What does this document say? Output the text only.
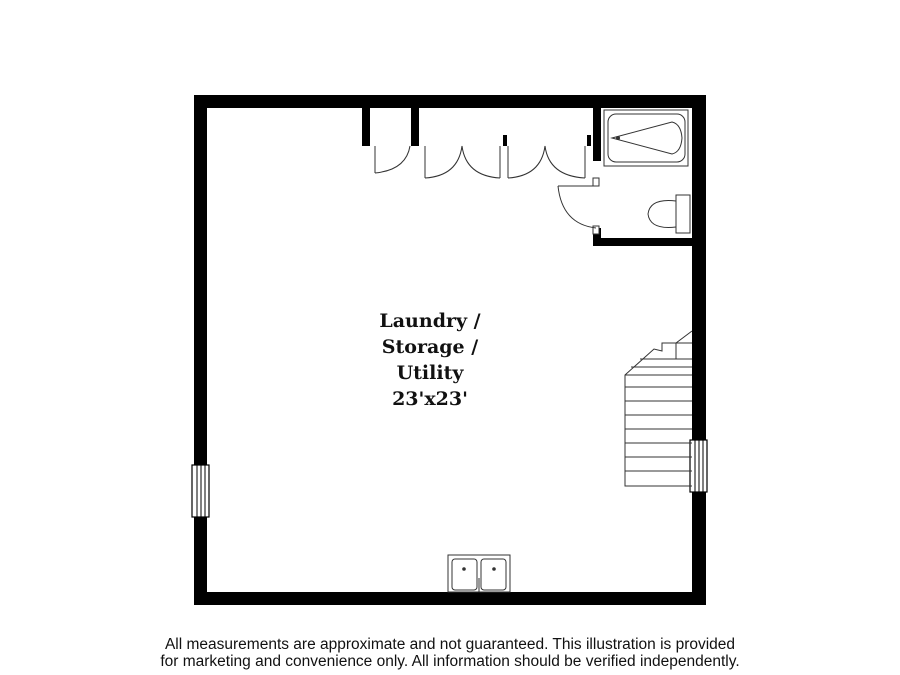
Laundry /
Storage /
Utility
23'x23'
All measurements are approximate and not guaranteed. This illustration is provided
for marketing and convenience only. All information should be verified independently.
